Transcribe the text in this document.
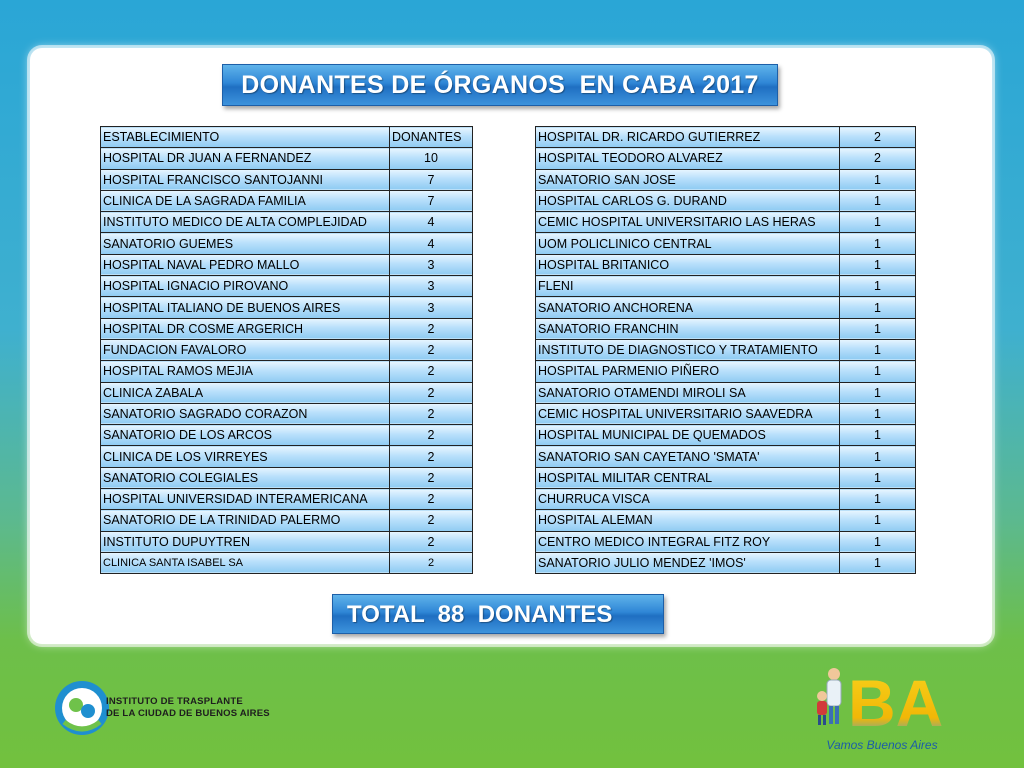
DONANTES DE ÓRGANOS  EN CABA 2017
ESTABLECIMIENTO	DONANTES
HOSPITAL DR JUAN A FERNANDEZ	10
HOSPITAL FRANCISCO SANTOJANNI	7
CLINICA DE LA SAGRADA FAMILIA	7
INSTITUTO MEDICO DE ALTA COMPLEJIDAD	4
SANATORIO GUEMES	4
HOSPITAL NAVAL PEDRO MALLO	3
HOSPITAL IGNACIO PIROVANO	3
HOSPITAL ITALIANO DE BUENOS AIRES	3
HOSPITAL DR COSME ARGERICH	2
FUNDACION FAVALORO	2
HOSPITAL RAMOS MEJIA	2
CLINICA ZABALA	2
SANATORIO SAGRADO CORAZON	2
SANATORIO DE LOS ARCOS	2
CLINICA DE LOS VIRREYES	2
SANATORIO COLEGIALES	2
HOSPITAL UNIVERSIDAD INTERAMERICANA	2
SANATORIO DE LA TRINIDAD PALERMO	2
INSTITUTO DUPUYTREN	2
CLINICA SANTA ISABEL SA	2
HOSPITAL DR. RICARDO GUTIERREZ	2
HOSPITAL TEODORO ALVAREZ	2
SANATORIO SAN JOSE	1
HOSPITAL CARLOS G. DURAND	1
CEMIC HOSPITAL UNIVERSITARIO LAS HERAS	1
UOM POLICLINICO CENTRAL	1
HOSPITAL BRITANICO	1
FLENI	1
SANATORIO ANCHORENA	1
SANATORIO FRANCHIN	1
INSTITUTO DE DIAGNOSTICO Y TRATAMIENTO	1
HOSPITAL PARMENIO PIÑERO	1
SANATORIO OTAMENDI MIROLI SA	1
CEMIC HOSPITAL UNIVERSITARIO SAAVEDRA	1
HOSPITAL MUNICIPAL DE QUEMADOS	1
SANATORIO SAN CAYETANO 'SMATA'	1
HOSPITAL MILITAR CENTRAL	1
CHURRUCA VISCA	1
HOSPITAL ALEMAN	1
CENTRO MEDICO INTEGRAL FITZ ROY	1
SANATORIO JULIO MENDEZ 'IMOS'	1
TOTAL  88  DONANTES
INSTITUTO DE TRASPLANTE
DE LA CIUDAD DE BUENOS AIRES	BA
Vamos Buenos Aires
